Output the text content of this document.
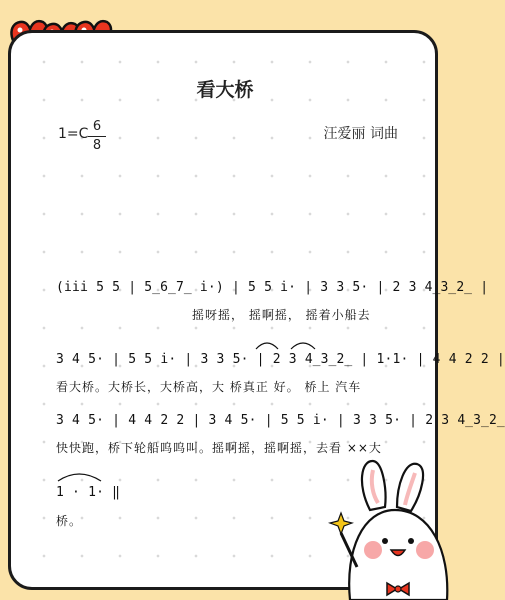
看大桥
1=C 6
8
汪爱丽 词曲
(i̇i̇i̇ 5 5 | 5̲6̲7̲ i̇·) | 5 5 i̇· | 3 3 5· | 2 3 4̲3̲2̲ |
摇呀摇， 摇啊摇， 摇着小船去
3 4 5· | 5 5 i̇· | 3 3 5· | 2 3 4̲3̲2̲ | 1·1· | 4 4 2 2 |
看大桥。大桥长，大桥高，大 桥真正 好。 桥上 汽车
3 4 5· | 4 4 2 2 | 3 4 5· | 5 5 i̇· | 3 3 5· | 2 3 4̲3̲2̲
快快跑，桥下轮船呜呜叫。摇啊摇，摇啊摇，去看 ××大
1 · 1· ‖
桥。
